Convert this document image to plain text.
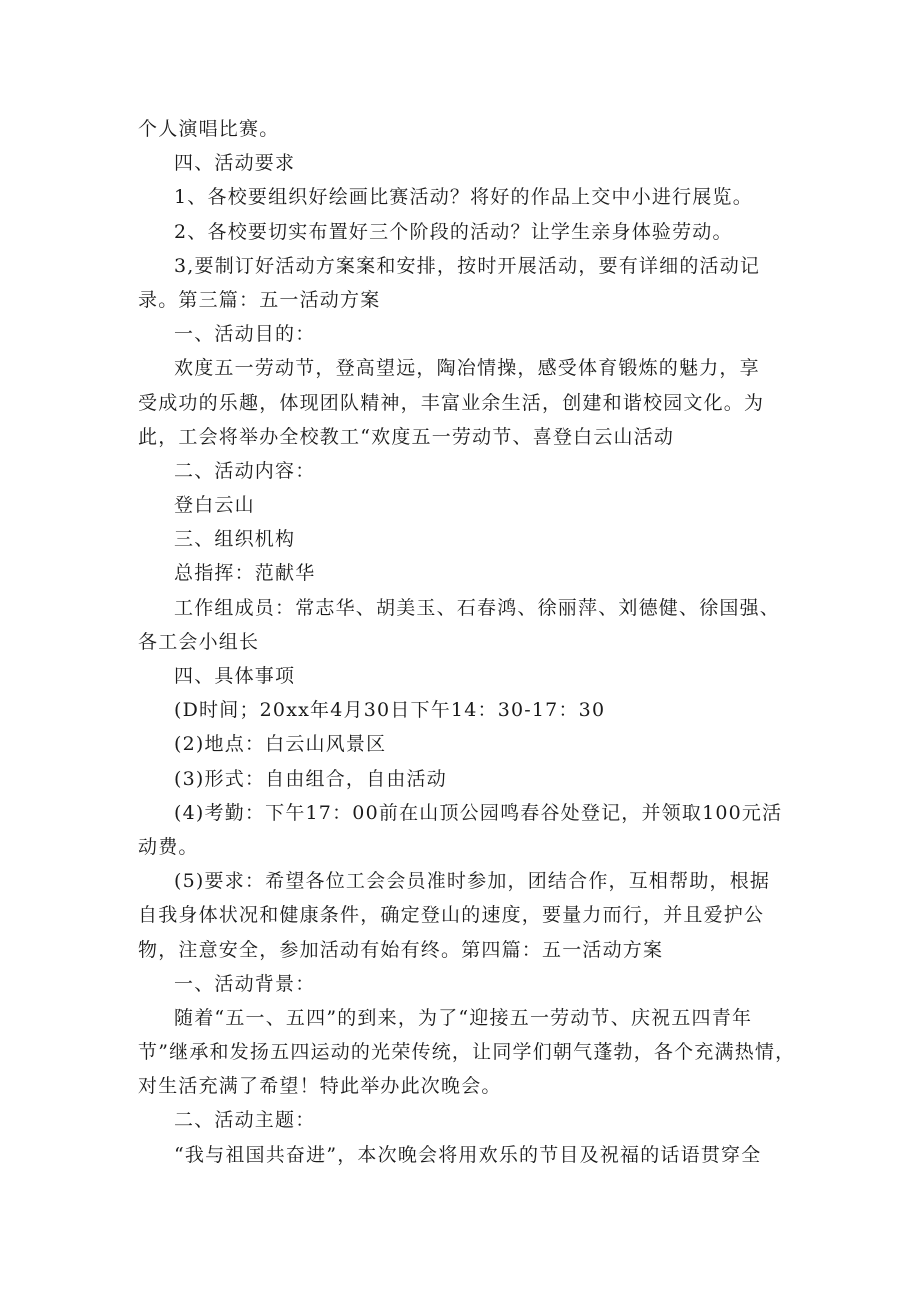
个人演唱比赛。
四、活动要求
1、各校要组织好绘画比赛活动？将好的作品上交中小进行展览。
2、各校要切实布置好三个阶段的活动？让学生亲身体验劳动。
3,要制订好活动方案案和安排，按时开展活动，要有详细的活动记
录。第三篇：五一活动方案
一、活动目的：
欢度五一劳动节，登高望远，陶冶情操，感受体育锻炼的魅力，享
受成功的乐趣，体现团队精神，丰富业余生活，创建和谐校园文化。为
此，工会将举办全校教工“欢度五一劳动节、喜登白云山活动
二、活动内容：
登白云山
三、组织机构
总指挥：范献华
工作组成员：常志华、胡美玉、石春鸿、徐丽萍、刘德健、徐国强、
各工会小组长
四、具体事项
(D时间；20xx年4月30日下午14：30-17：30
(2)地点：白云山风景区
(3)形式：自由组合，自由活动
(4)考勤：下午17：00前在山顶公园鸣春谷处登记，并领取100元活
动费。
(5)要求：希望各位工会会员准时参加，团结合作，互相帮助，根据
自我身体状况和健康条件，确定登山的速度，要量力而行，并且爱护公
物，注意安全，参加活动有始有终。第四篇：五一活动方案
一、活动背景：
随着“五一、五四”的到来，为了“迎接五一劳动节、庆祝五四青年
节”继承和发扬五四运动的光荣传统，让同学们朝气蓬勃，各个充满热情，
对生活充满了希望！特此举办此次晚会。
二、活动主题：
“我与祖国共奋进”，本次晚会将用欢乐的节目及祝福的话语贯穿全
